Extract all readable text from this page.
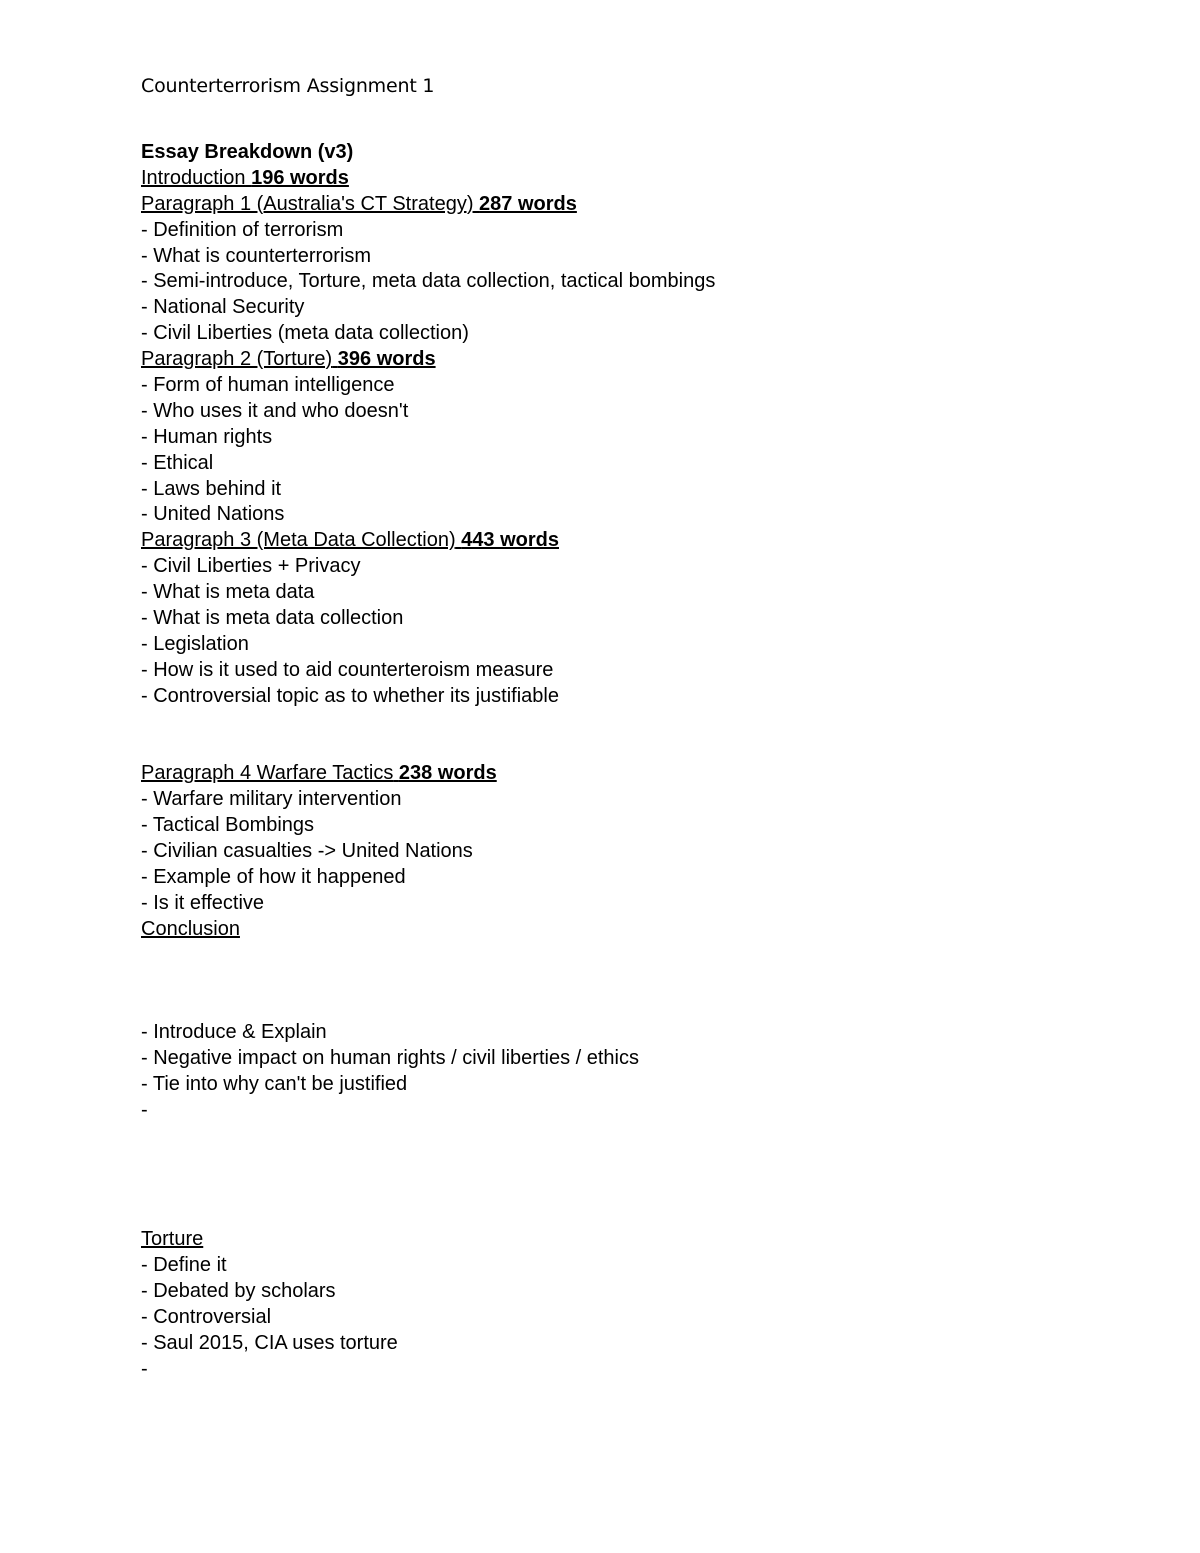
Counterterrorism Assignment 1
Essay Breakdown (v3)
Introduction 196 words
Paragraph 1 (Australia's CT Strategy) 287 words
- Definition of terrorism
- What is counterterrorism
- Semi-introduce, Torture, meta data collection, tactical bombings
- National Security
- Civil Liberties (meta data collection)
Paragraph 2 (Torture) 396 words
- Form of human intelligence
- Who uses it and who doesn't
- Human rights
- Ethical
- Laws behind it
- United Nations
Paragraph 3 (Meta Data Collection) 443 words
- Civil Liberties + Privacy
- What is meta data
- What is meta data collection
- Legislation
- How is it used to aid counterteroism measure
- Controversial topic as to whether its justifiable
Paragraph 4 Warfare Tactics 238 words
- Warfare military intervention
- Tactical Bombings
- Civilian casualties -> United Nations
- Example of how it happened
- Is it effective
Conclusion
- Introduce & Explain
- Negative impact on human rights / civil liberties / ethics
- Tie into why can't be justified
-
Torture
- Define it
- Debated by scholars
- Controversial
- Saul 2015, CIA uses torture
-
